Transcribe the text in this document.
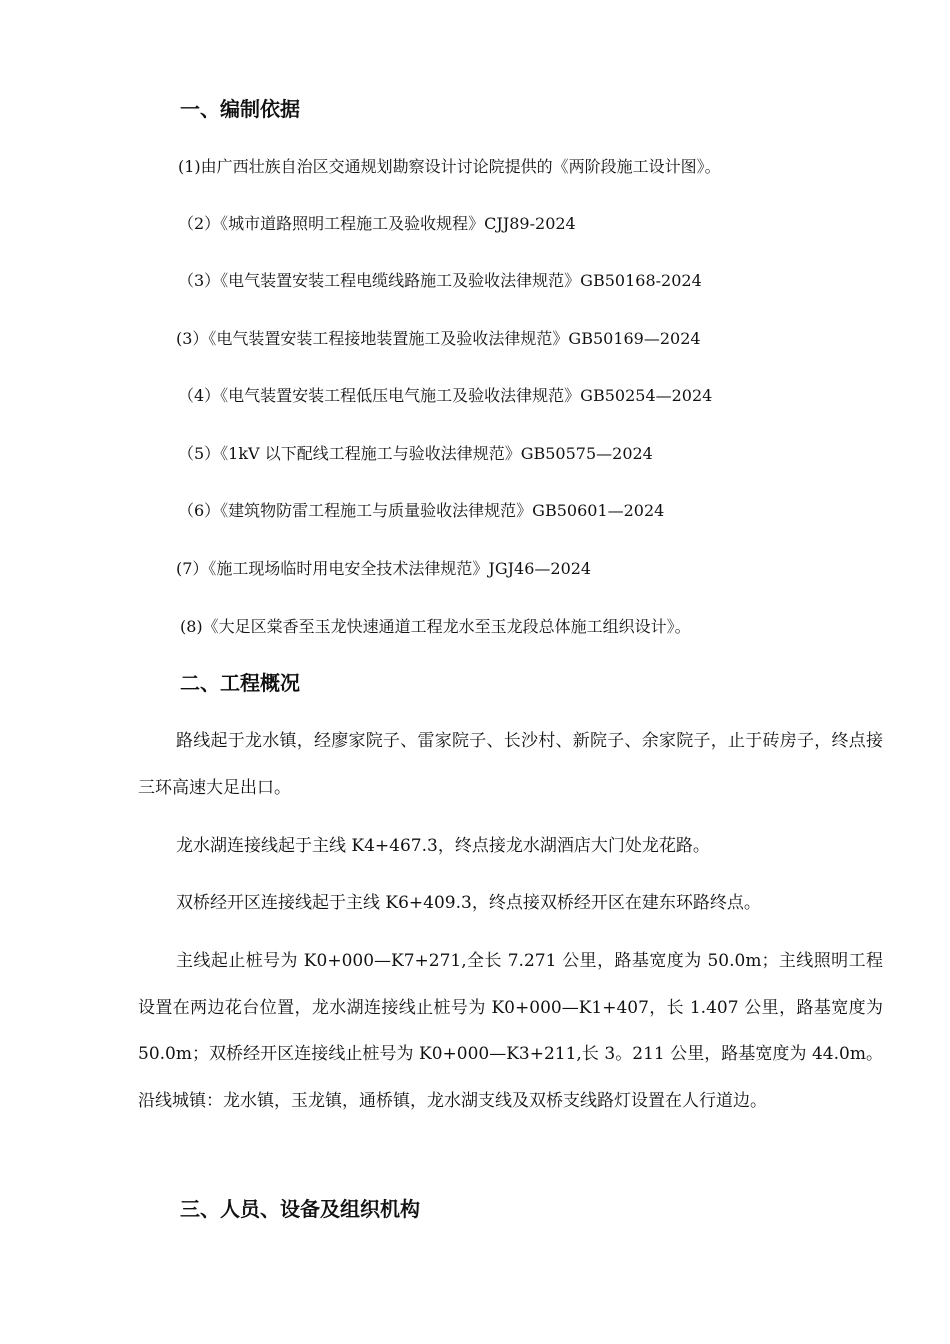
一、编制依据
(1)由广西壮族自治区交通规划勘察设计讨论院提供的《两阶段施工设计图》。
（2）《城市道路照明工程施工及验收规程》CJJ89-2024
（3）《电气装置安装工程电缆线路施工及验收法律规范》GB50168-2024
(3）《电气装置安装工程接地装置施工及验收法律规范》GB50169—2024
（4）《电气装置安装工程低压电气施工及验收法律规范》GB50254—2024
（5）《1kV 以下配线工程施工与验收法律规范》GB50575—2024
（6）《建筑物防雷工程施工与质量验收法律规范》GB50601—2024
(7）《施工现场临时用电安全技术法律规范》JGJ46—2024
(8)《大足区棠香至玉龙快速通道工程龙水至玉龙段总体施工组织设计》。
二、工程概况
路线起于龙水镇，经廖家院子、雷家院子、长沙村、新院子、余家院子，止于砖房子，终点接三环高速大足出口。
龙水湖连接线起于主线 K4+467.3，终点接龙水湖酒店大门处龙花路。
双桥经开区连接线起于主线 K6+409.3，终点接双桥经开区在建东环路终点。
主线起止桩号为 K0+000—K7+271,全长 7.271 公里，路基宽度为 50.0m；主线照明工程设置在两边花台位置，龙水湖连接线止桩号为 K0+000—K1+407，长 1.407 公里，路基宽度为 50.0m；双桥经开区连接线止桩号为 K0+000—K3+211,长 3。211 公里，路基宽度为 44.0m。沿线城镇：龙水镇，玉龙镇，通桥镇，龙水湖支线及双桥支线路灯设置在人行道边。
三、人员、设备及组织机构
